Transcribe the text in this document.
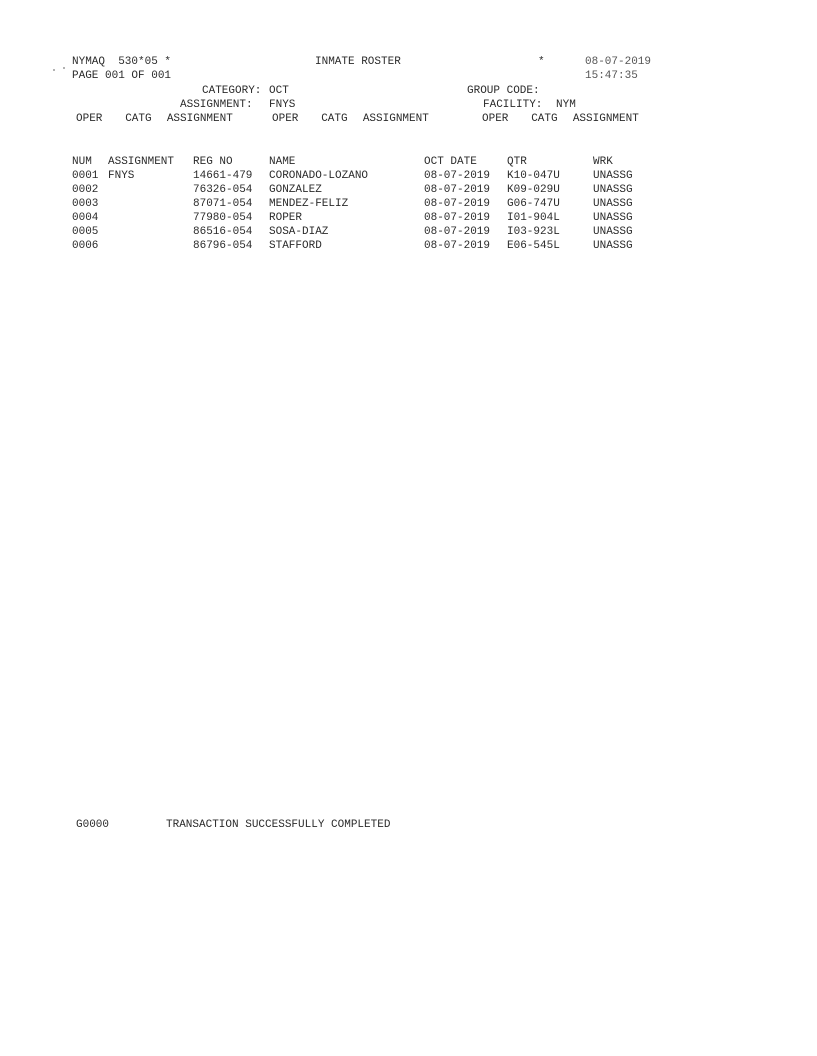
NYMAQ  530*05 *	INMATE ROSTER	*	08-07-2019
PAGE 001 OF 001	15:47:35
CATEGORY: OCT	GROUP CODE:
ASSIGNMENT: FNYS	FACILITY: NYM
OPER   CATG  ASSIGNMENT	OPER   CATG  ASSIGNMENT	OPER   CATG  ASSIGNMENT
NUM ASSIGNMENT REG NO	NAME	OCT DATE	QTR	WRK
0001 FNYS	14661-479 CORONADO-LOZANO	08-07-2019 K10-047U	UNASSG
0002	76326-054 GONZALEZ	08-07-2019 K09-029U	UNASSG
0003	87071-054 MENDEZ-FELIZ	08-07-2019 G06-747U	UNASSG
0004	77980-054 ROPER	08-07-2019 I01-904L	UNASSG
0005	86516-054 SOSA-DIAZ	08-07-2019 I03-923L	UNASSG
0006	86796-054 STAFFORD	08-07-2019 E06-545L	UNASSG
G0000	TRANSACTION SUCCESSFULLY COMPLETED
